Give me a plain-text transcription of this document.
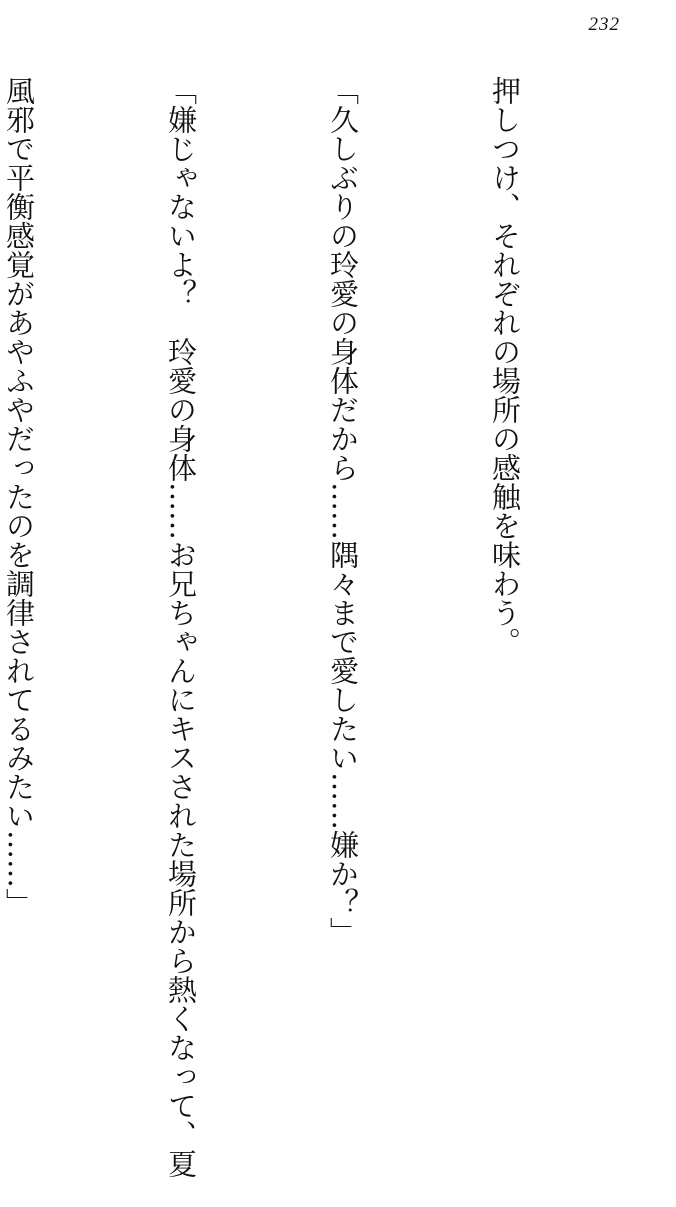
232

押しつけ、それぞれの場所の感触を味わう。

「久しぶりの玲愛の身体だから……隅々まで愛したい……嫌か？」

「嫌じゃないよ？　玲愛の身体……お兄ちゃんにキスされた場所から熱くなって、夏

風邪で平衡感覚があやふやだったのを調律されてるみたい……」
